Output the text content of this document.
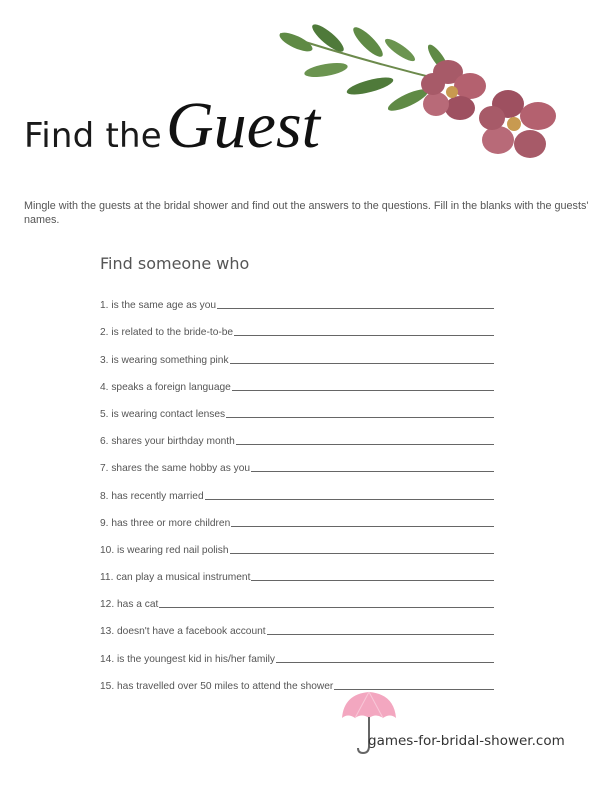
Find the Guest
Mingle with the guests at the bridal shower and find out the answers to the questions. Fill in the blanks with the guests' names.
Find someone who
1. is the same age as you
2. is related to the bride-to-be
3. is wearing something pink
4. speaks a foreign language
5. is wearing contact lenses
6. shares your birthday month
7. shares the same hobby as you
8. has recently married
9. has three or more children
10. is wearing red nail polish
11. can play a musical instrument
12. has a cat
13. doesn't have a facebook account
14. is the youngest kid in his/her family
15. has travelled over 50 miles to attend the shower
games-for-bridal-shower.com
